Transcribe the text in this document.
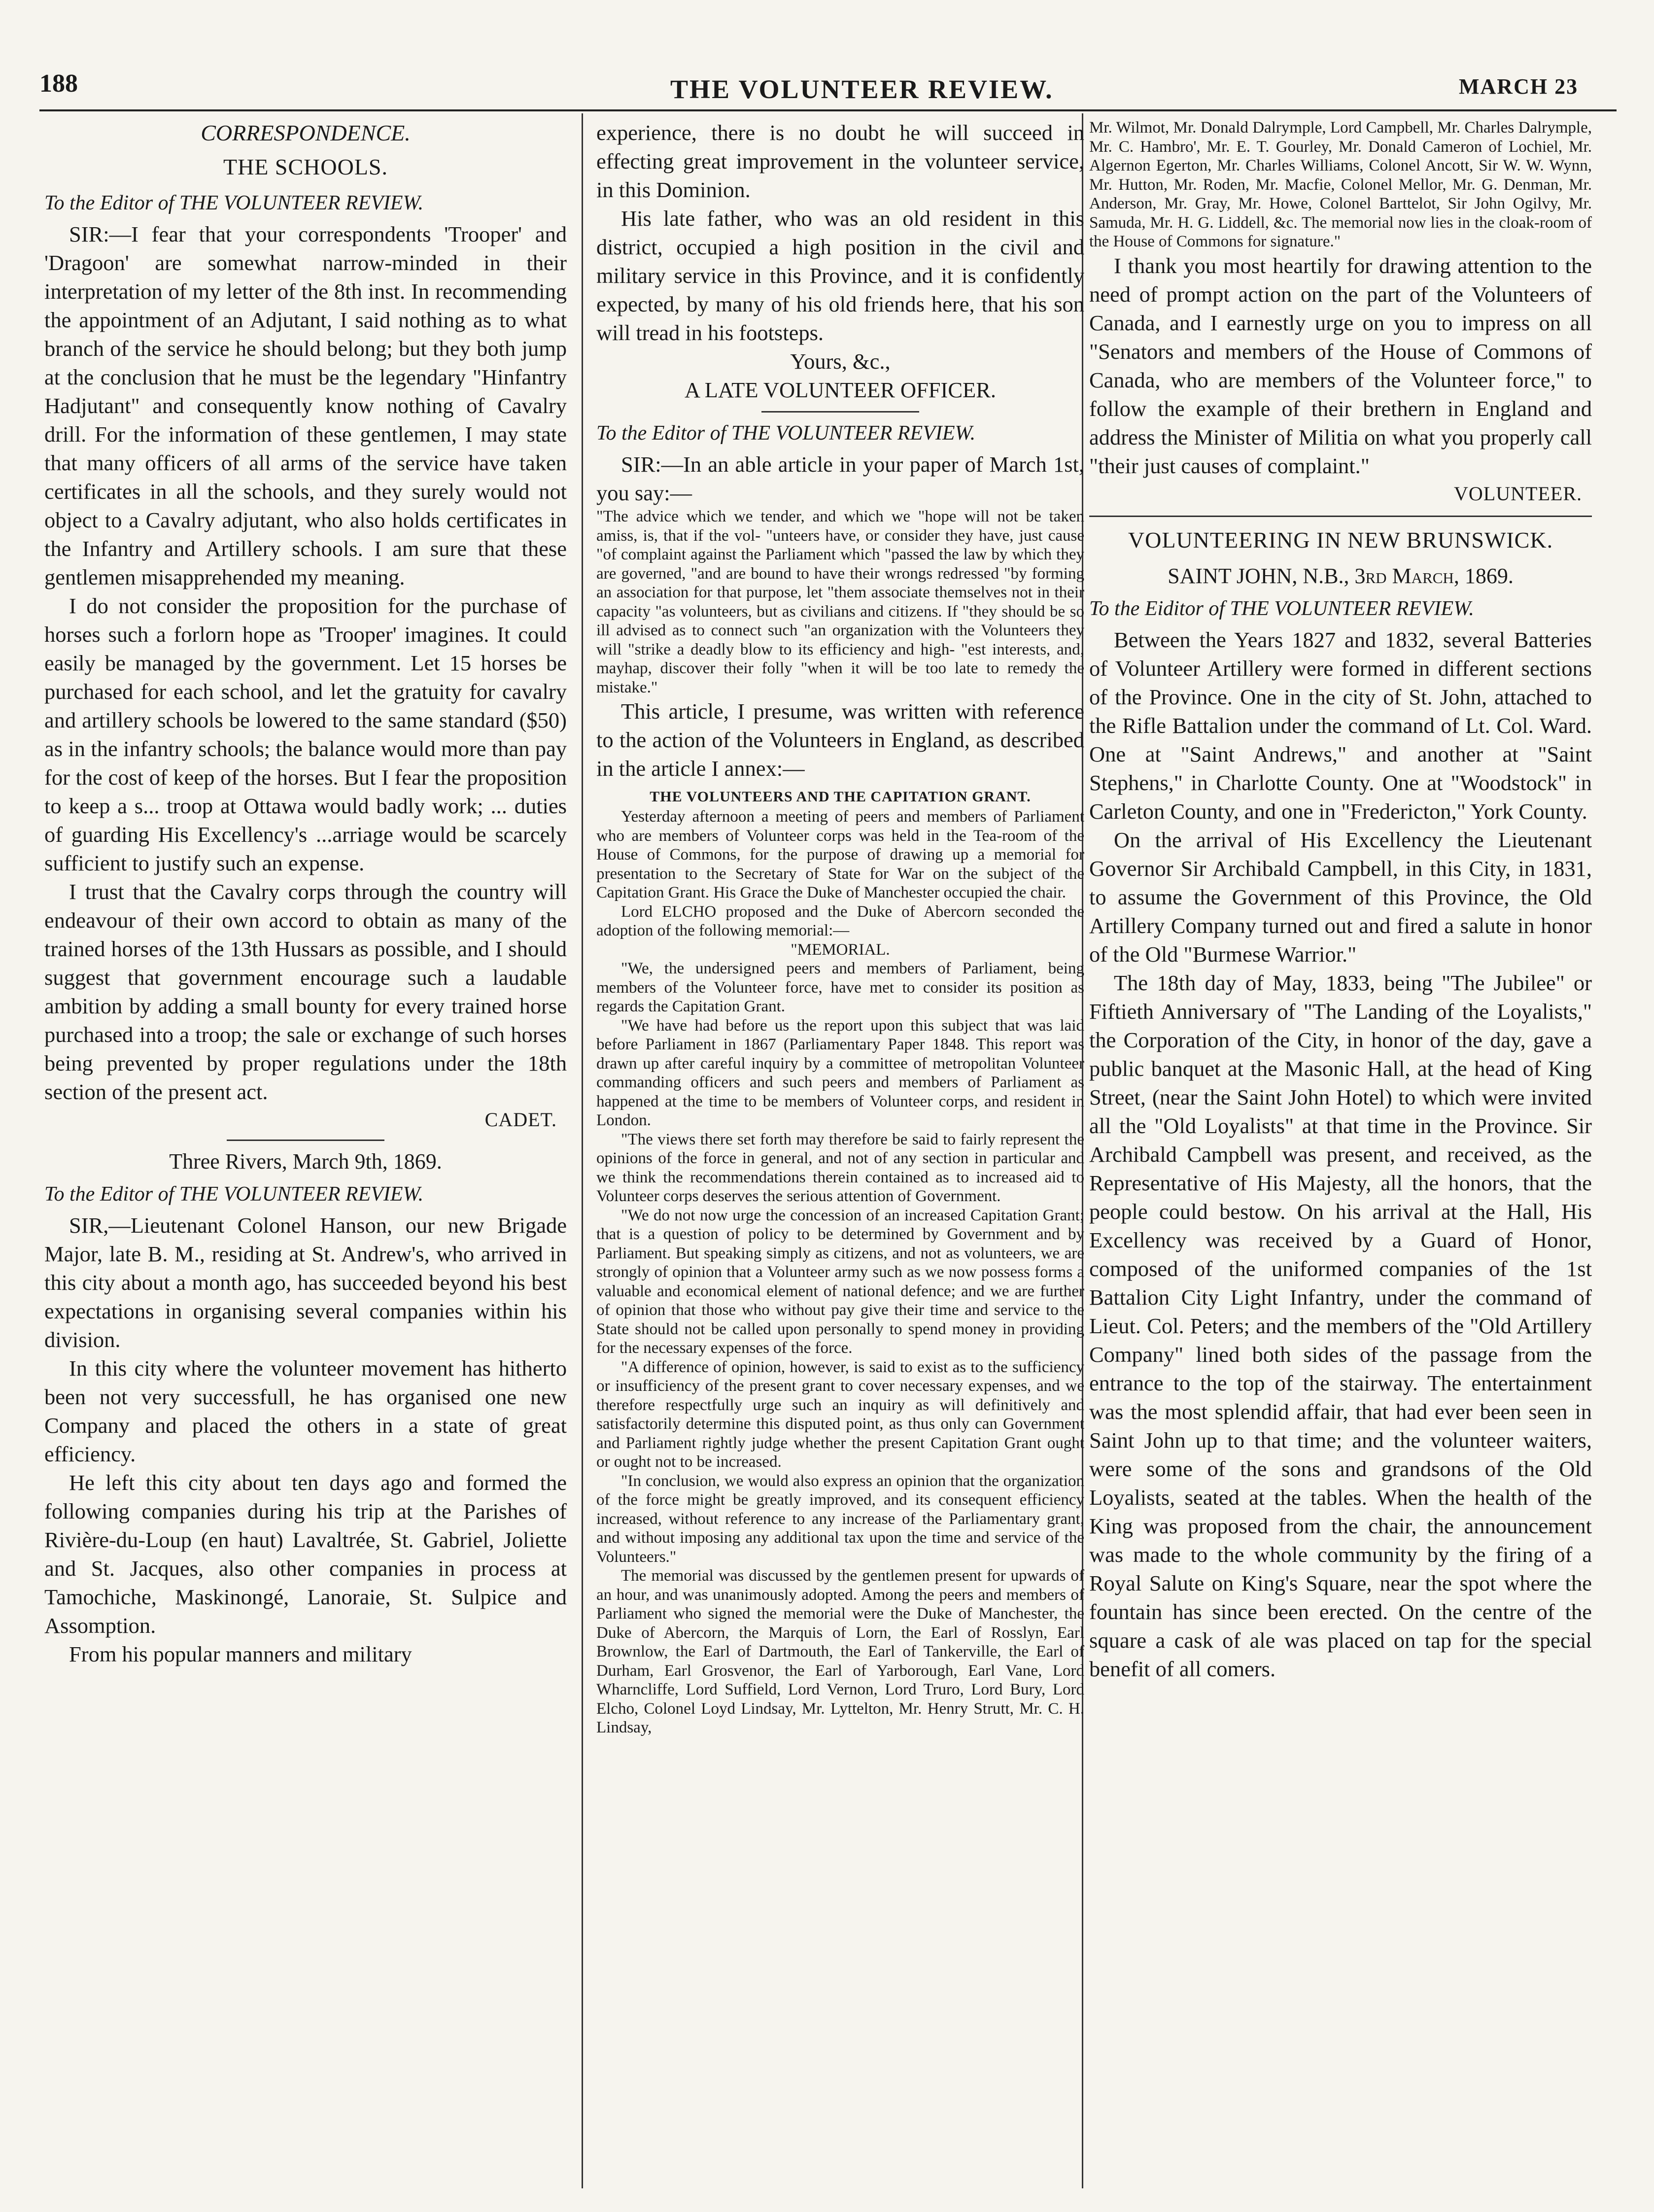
188	THE VOLUNTEER REVIEW.	MARCH 23

CORRESPONDENCE.

THE SCHOOLS.

To the Editor of THE VOLUNTEER REVIEW.

SIR:—I fear that your correspondents 'Trooper' and 'Dragoon' are somewhat narrow-minded in their interpretation of my letter of the 8th inst. In recommending the appointment of an Adjutant, I said nothing as to what branch of the service he should belong; but they both jump at the conclusion that he must be the legendary "Hinfantry Hadjutant" and consequently know nothing of Cavalry drill. For the information of these gentlemen, I may state that many officers of all arms of the service have taken certificates in all the schools, and they surely would not object to a Cavalry adjutant, who also holds certificates in the Infantry and Artillery schools. I am sure that these gentlemen misapprehended my meaning.

I do not consider the proposition for the purchase of horses such a forlorn hope as 'Trooper' imagines. It could easily be managed by the government. Let 15 horses be purchased for each school, and let the gratuity for cavalry and artillery schools be lowered to the same standard ($50) as in the infantry schools; the balance would more than pay for the cost of keep of the horses. But I fear the proposition to keep a s... troop at Ottawa would badly work; ... duties of guarding His Excellency's ...arriage would be scarcely sufficient to justify such an expense.

I trust that the Cavalry corps through the country will endeavour of their own accord to obtain as many of the trained horses of the 13th Hussars as possible, and I should suggest that government encourage such a laudable ambition by adding a small bounty for every trained horse purchased into a troop; the sale or exchange of such horses being prevented by proper regulations under the 18th section of the present act.

CADET.

Three Rivers, March 9th, 1869.

To the Editor of THE VOLUNTEER REVIEW.

SIR,—Lieutenant Colonel Hanson, our new Brigade Major, late B. M., residing at St. Andrew's, who arrived in this city about a month ago, has succeeded beyond his best expectations in organising several companies within his division.

In this city where the volunteer movement has hitherto been not very successfull, he has organised one new Company and placed the others in a state of great efficiency.

He left this city about ten days ago and formed the following companies during his trip at the Parishes of Rivière-du-Loup (en haut) Lavaltrée, St. Gabriel, Joliette and St. Jacques, also other companies in process at Tamochiche, Maskinongé, Lanoraie, St. Sulpice and Assomption.

From his popular manners and military

experience, there is no doubt he will succeed in effecting great improvement in the volunteer service, in this Dominion.

His late father, who was an old resident in this district, occupied a high position in the civil and military service in this Province, and it is confidently expected, by many of his old friends here, that his son will tread in his footsteps.

Yours, &c.,

A LATE VOLUNTEER OFFICER.

To the Editor of THE VOLUNTEER REVIEW.

SIR:—In an able article in your paper of March 1st, you say:—

"The advice which we tender, and which we "hope will not be taken amiss, is, that if the vol- "unteers have, or consider they have, just cause "of complaint against the Parliament which "passed the law by which they are governed, "and are bound to have their wrongs redressed "by forming an association for that purpose, let "them associate themselves not in their capacity "as volunteers, but as civilians and citizens. If "they should be so ill advised as to connect such "an organization with the Volunteers they will "strike a deadly blow to its efficiency and high- "est interests, and, mayhap, discover their folly "when it will be too late to remedy the mistake."

This article, I presume, was written with reference to the action of the Volunteers in England, as described in the article I annex:—

THE VOLUNTEERS AND THE CAPITATION GRANT.

Yesterday afternoon a meeting of peers and members of Parliament who are members of Volunteer corps was held in the Tea-room of the House of Commons, for the purpose of drawing up a memorial for presentation to the Secretary of State for War on the subject of the Capitation Grant. His Grace the Duke of Manchester occupied the chair.

Lord ELCHO proposed and the Duke of Abercorn seconded the adoption of the following memorial:—

"MEMORIAL.

"We, the undersigned peers and members of Parliament, being members of the Volunteer force, have met to consider its position as regards the Capitation Grant.

"We have had before us the report upon this subject that was laid before Parliament in 1867 (Parliamentary Paper 1848. This report was drawn up after careful inquiry by a committee of metropolitan Volunteer commanding officers and such peers and members of Parliament as happened at the time to be members of Volunteer corps, and resident in London.

"The views there set forth may therefore be said to fairly represent the opinions of the force in general, and not of any section in particular and we think the recommendations therein contained as to increased aid to Volunteer corps deserves the serious attention of Government.

"We do not now urge the concession of an increased Capitation Grant; that is a question of policy to be determined by Government and by Parliament. But speaking simply as citizens, and not as volunteers, we are strongly of opinion that a Volunteer army such as we now possess forms a valuable and economical element of national defence; and we are further of opinion that those who without pay give their time and service to the State should not be called upon personally to spend money in providing for the necessary expenses of the force.

"A difference of opinion, however, is said to exist as to the sufficiency or insufficiency of the present grant to cover necessary expenses, and we therefore respectfully urge such an inquiry as will definitively and satisfactorily determine this disputed point, as thus only can Government and Parliament rightly judge whether the present Capitation Grant ought or ought not to be increased.

"In conclusion, we would also express an opinion that the organization of the force might be greatly improved, and its consequent efficiency increased, without reference to any increase of the Parliamentary grant, and without imposing any additional tax upon the time and service of the Volunteers."

The memorial was discussed by the gentlemen present for upwards of an hour, and was unanimously adopted. Among the peers and members of Parliament who signed the memorial were the Duke of Manchester, the Duke of Abercorn, the Marquis of Lorn, the Earl of Rosslyn, Earl Brownlow, the Earl of Dartmouth, the Earl of Tankerville, the Earl of Durham, Earl Grosvenor, the Earl of Yarborough, Earl Vane, Lord Wharncliffe, Lord Suffield, Lord Vernon, Lord Truro, Lord Bury, Lord Elcho, Colonel Loyd Lindsay, Mr. Lyttelton, Mr. Henry Strutt, Mr. C. H. Lindsay,

Mr. Wilmot, Mr. Donald Dalrymple, Lord Campbell, Mr. Charles Dalrymple, Mr. C. Hambro', Mr. E. T. Gourley, Mr. Donald Cameron of Lochiel, Mr. Algernon Egerton, Mr. Charles Williams, Colonel Ancott, Sir W. W. Wynn, Mr. Hutton, Mr. Roden, Mr. Macfie, Colonel Mellor, Mr. G. Denman, Mr. Anderson, Mr. Gray, Mr. Howe, Colonel Barttelot, Sir John Ogilvy, Mr. Samuda, Mr. H. G. Liddell, &c. The memorial now lies in the cloak-room of the House of Commons for signature."

I thank you most heartily for drawing attention to the need of prompt action on the part of the Volunteers of Canada, and I earnestly urge on you to impress on all "Senators and members of the House of Commons of Canada, who are members of the Volunteer force," to follow the example of their brethern in England and address the Minister of Militia on what you properly call "their just causes of complaint."

VOLUNTEER.

VOLUNTEERING IN NEW BRUNSWICK.

SAINT JOHN, N.B., 3rd March, 1869.

To the Eiditor of THE VOLUNTEER REVIEW.

Between the Years 1827 and 1832, several Batteries of Volunteer Artillery were formed in different sections of the Province. One in the city of St. John, attached to the Rifle Battalion under the command of Lt. Col. Ward. One at "Saint Andrews," and another at "Saint Stephens," in Charlotte County. One at "Woodstock" in Carleton County, and one in "Fredericton," York County.

On the arrival of His Excellency the Lieutenant Governor Sir Archibald Campbell, in this City, in 1831, to assume the Government of this Province, the Old Artillery Company turned out and fired a salute in honor of the Old "Burmese Warrior."

The 18th day of May, 1833, being "The Jubilee" or Fiftieth Anniversary of "The Landing of the Loyalists," the Corporation of the City, in honor of the day, gave a public banquet at the Masonic Hall, at the head of King Street, (near the Saint John Hotel) to which were invited all the "Old Loyalists" at that time in the Province. Sir Archibald Campbell was present, and received, as the Representative of His Majesty, all the honors, that the people could bestow. On his arrival at the Hall, His Excellency was received by a Guard of Honor, composed of the uniformed companies of the 1st Battalion City Light Infantry, under the command of Lieut. Col. Peters; and the members of the "Old Artillery Company" lined both sides of the passage from the entrance to the top of the stairway. The entertainment was the most splendid affair, that had ever been seen in Saint John up to that time; and the volunteer waiters, were some of the sons and grandsons of the Old Loyalists, seated at the tables. When the health of the King was proposed from the chair, the announcement was made to the whole community by the firing of a Royal Salute on King's Square, near the spot where the fountain has since been erected. On the centre of the square a cask of ale was placed on tap for the special benefit of all comers.
